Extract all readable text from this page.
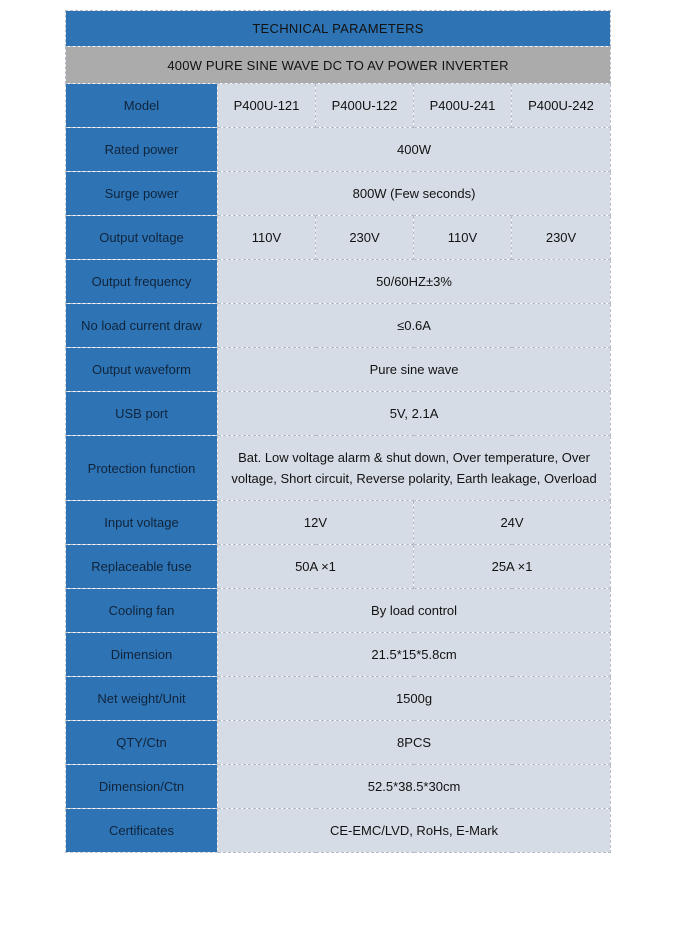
TECHNICAL PARAMETERS				
400W PURE SINE WAVE DC TO AV POWER INVERTER				
Model	P400U-121	P400U-122	P400U-241	P400U-242
Rated power	400W			
Surge power	800W (Few seconds)			
Output voltage	110V	230V	110V	230V
Output frequency	50/60HZ±3%			
No load current draw	≤0.6A			
Output waveform	Pure sine wave			
USB port	5V, 2.1A			
Protection function	Bat. Low voltage alarm & shut down, Over temperature, Over voltage, Short circuit, Reverse polarity, Earth leakage, Overload			
Input voltage	12V		24V	
Replaceable fuse	50A ×1		25A ×1	
Cooling fan	By load control			
Dimension	21.5*15*5.8cm			
Net weight/Unit	1500g			
QTY/Ctn	8PCS			
Dimension/Ctn	52.5*38.5*30cm			
Certificates	CE-EMC/LVD, RoHs, E-Mark			
